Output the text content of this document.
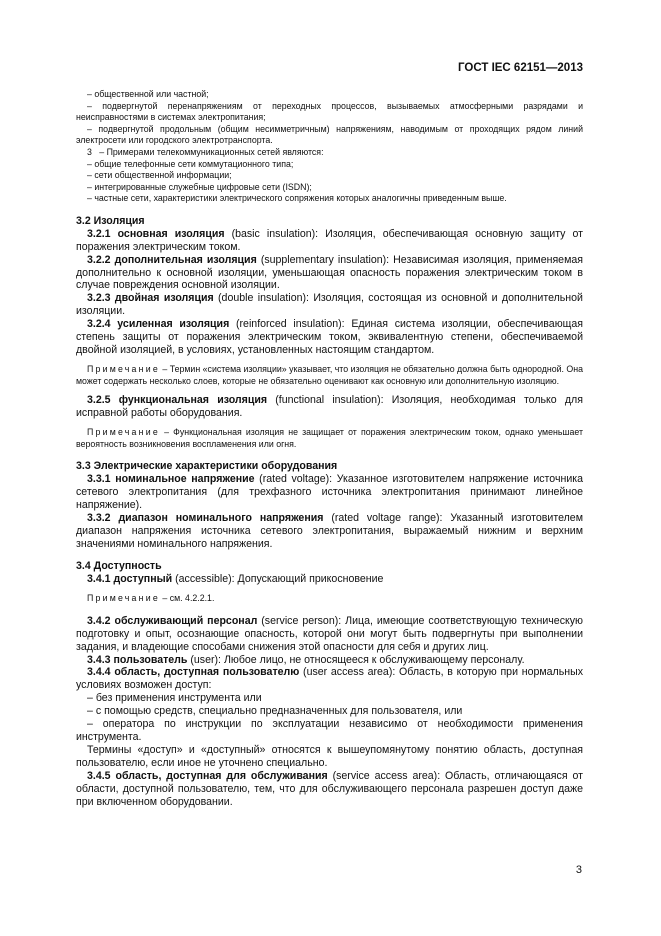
ГОСТ IEC 62151—2013

– общественной или частной;

– подвергнутой перенапряжениям от переходных процессов, вызываемых атмосферными разрядами и неисправностями в системах электропитания;

– подвергнутой продольным (общим несимметричным) напряжениям, наводимым от проходящих рядом линий электросети или городского электротранспорта.

3 – Примерами телекоммуникационных сетей являются:

– общие телефонные сети коммутационного типа;

– сети общественной информации;

– интегрированные служебные цифровые сети (ISDN);

– частные сети, характеристики электрического сопряжения которых аналогичны приведенным выше.

3.2 Изоляция

3.2.1 основная изоляция (basic insulation): Изоляция, обеспечивающая основную защиту от поражения электрическим током.

3.2.2 дополнительная изоляция (supplementary insulation): Независимая изоляция, применяемая дополнительно к основной изоляции, уменьшающая опасность поражения электрическим током в случае повреждения основной изоляции.

3.2.3 двойная изоляция (double insulation): Изоляция, состоящая из основной и дополнительной изоляции.

3.2.4 усиленная изоляция (reinforced insulation): Единая система изоляции, обеспечивающая степень защиты от поражения электрическим током, эквивалентную степени, обеспечиваемой двойной изоляцией, в условиях, установленных настоящим стандартом.

Примечание – Термин «система изоляции» указывает, что изоляция не обязательно должна быть однородной. Она может содержать несколько слоев, которые не обязательно оценивают как основную или дополнительную изоляцию.

3.2.5 функциональная изоляция (functional insulation): Изоляция, необходимая только для исправной работы оборудования.

Примечание – Функциональная изоляция не защищает от поражения электрическим током, однако уменьшает вероятность возникновения воспламенения или огня.

3.3 Электрические характеристики оборудования

3.3.1 номинальное напряжение (rated voltage): Указанное изготовителем напряжение источника сетевого электропитания (для трехфазного источника электропитания принимают линейное напряжение).

3.3.2 диапазон номинального напряжения (rated voltage range): Указанный изготовителем диапазон напряжения источника сетевого электропитания, выражаемый нижним и верхним значениями номинального напряжения.

3.4 Доступность

3.4.1 доступный (accessible): Допускающий прикосновение

Примечание – см. 4.2.2.1.

3.4.2 обслуживающий персонал (service person): Лица, имеющие соответствующую техническую подготовку и опыт, осознающие опасность, которой они могут быть подвергнуты при выполнении задания, и владеющие способами снижения этой опасности для себя и других лиц.

3.4.3 пользователь (user): Любое лицо, не относящееся к обслуживающему персоналу.

3.4.4 область, доступная пользователю (user access area): Область, в которую при нормальных условиях возможен доступ:

– без применения инструмента или

– с помощью средств, специально предназначенных для пользователя, или

– оператора по инструкции по эксплуатации независимо от необходимости применения инструмента.

Термины «доступ» и «доступный» относятся к вышеупомянутому понятию область, доступная пользователю, если иное не уточнено специально.

3.4.5 область, доступная для обслуживания (service access area): Область, отличающаяся от области, доступной пользователю, тем, что для обслуживающего персонала разрешен доступ даже при включенном оборудовании.

3
